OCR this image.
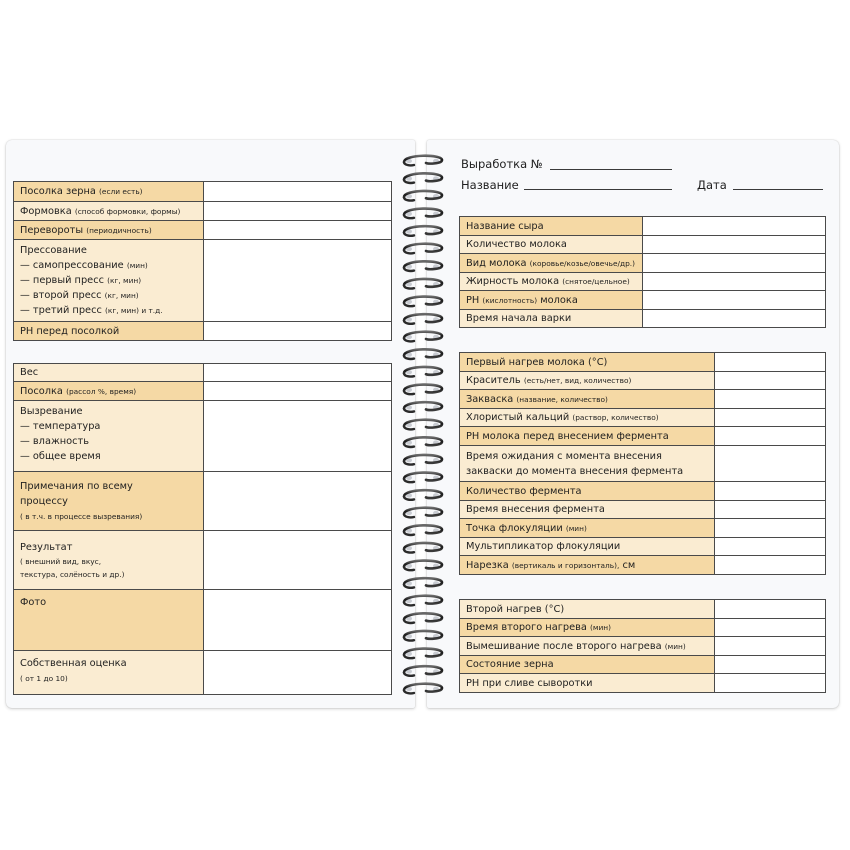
Посолка зерна (если есть)	
Формовка (способ формовки, формы)	
Перевороты (периодичность)	

Прессование
— самопрессование (мин)
— первый пресс (кг, мин)
— второй пресс (кг, мин)
— третий пресс (кг, мин) и т.д.	

PH перед посолкой	
Вес	
Посолка (рассол %, время)	

Вызревание
— температура
— влажность
— общее время	

Примечания по всему
процессу
( в т.ч. в процессе вызревания)	

Результат
( внешний вид, вкус,
текстура, солёность и др.)	

Фото	

Собственная оценка
( от 1 до 10)	

Выработка №
Название	Дата
Название сыра	
Количество молока	
Вид молока (коровье/козье/овечье/др.)	
Жирность молока (снятое/цельное)	
PH (кислотность) молока	
Время начала варки	
Первый нагрев молока (°С)	
Краситель (есть/нет, вид, количество)	
Закваска (название, количество)	
Хлористый кальций (раствор, количество)	
PH молока перед внесением фермента	

Время ожидания с момента внесения
закваски до момента внесения фермента	

Количество фермента	
Время внесения фермента	
Точка флокуляции (мин)	
Мультипликатор флокуляции	
Нарезка (вертикаль и горизонталь), см	
Второй нагрев (°С)	
Время второго нагрева (мин)	
Вымешивание после второго нагрева (мин)	
Состояние зерна	
PH при сливе сыворотки	
